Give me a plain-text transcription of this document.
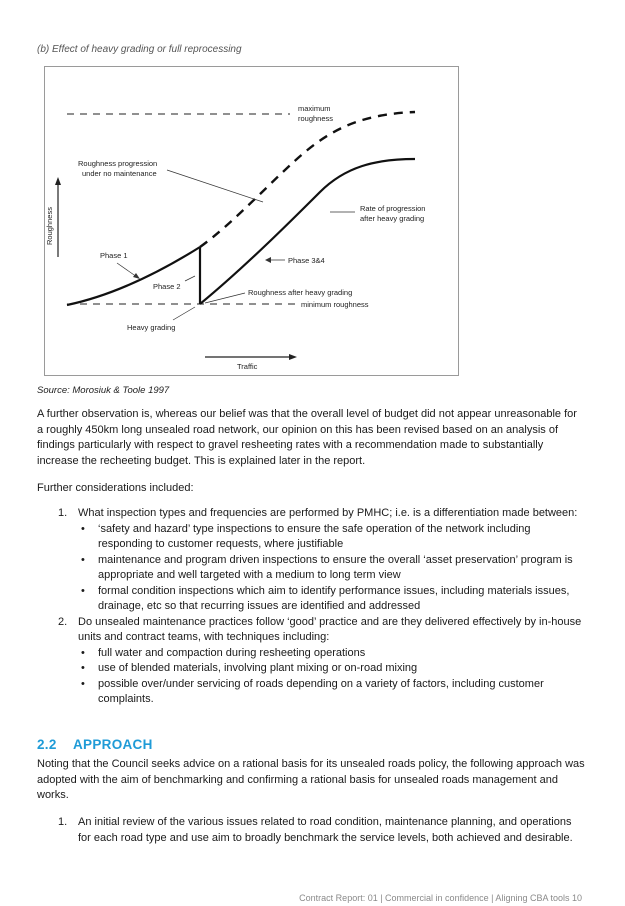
(b) Effect of heavy grading or full reprocessing
maximum
roughness
Roughness progression
under no maintenance
Rate of progression
after heavy grading
Roughness
Phase 1
Phase 2
Phase 3&4
Roughness after heavy grading
minimum roughness
Heavy grading
Traffic
Source: Morosiuk & Toole 1997
A further observation is, whereas our belief was that the overall level of budget did not appear unreasonable for a roughly 450km long unsealed road network, our opinion on this has been revised based on an analysis of findings particularly with respect to gravel resheeting rates with a recommendation made to substantially increase the recheeting budget. This is explained later in the report.
Further considerations included:
1. What inspection types and frequencies are performed by PMHC; i.e. is a differentiation made between:
• ‘safety and hazard’ type inspections to ensure the safe operation of the network including responding to customer requests, where justifiable
• maintenance and program driven inspections to ensure the overall ‘asset preservation’ program is appropriate and well targeted with a medium to long term view
• formal condition inspections which aim to identify performance issues, including materials issues, drainage, etc so that recurring issues are identified and addressed
2. Do unsealed maintenance practices follow ‘good’ practice and are they delivered effectively by in-house units and contract teams, with techniques including:
• full water and compaction during resheeting operations
• use of blended materials, involving plant mixing or on-road mixing
• possible over/under servicing of roads depending on a variety of factors, including customer complaints.
2.2 APPROACH
Noting that the Council seeks advice on a rational basis for its unsealed roads policy, the following approach was adopted with the aim of benchmarking and confirming a rational basis for unsealed roads management and works.
1. An initial review of the various issues related to road condition, maintenance planning, and operations for each road type and use aim to broadly benchmark the service levels, both achieved and desirable.
Contract Report: 01 | Commercial in confidence | Aligning CBA tools 10
